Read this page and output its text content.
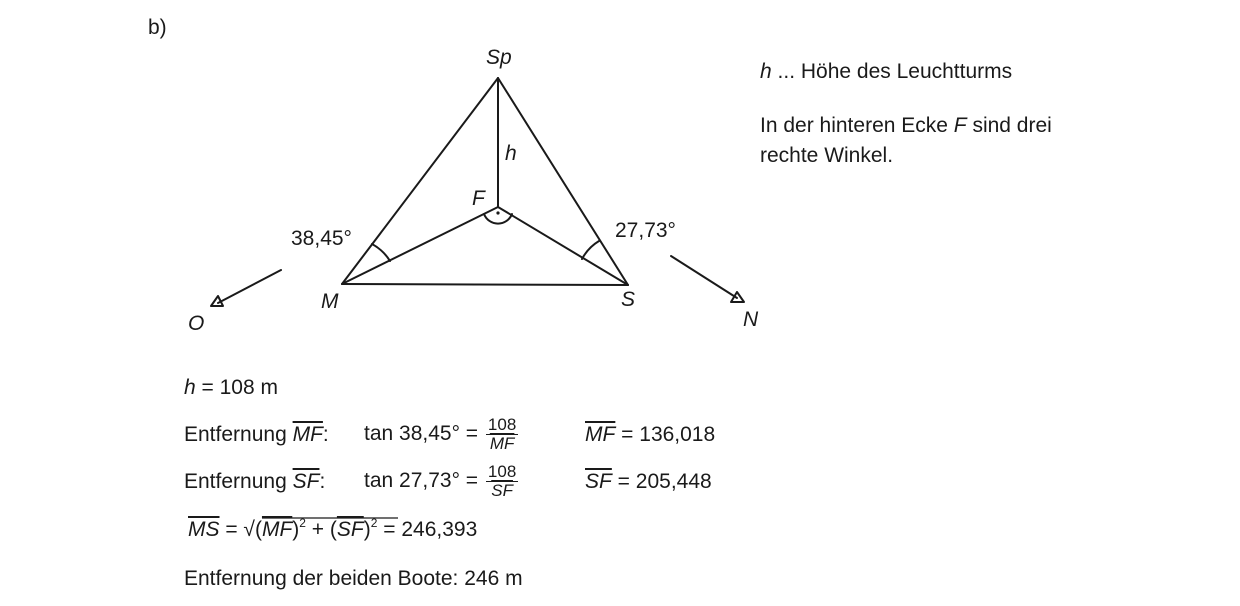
b)
Sp
h
F
M	S
38,45°	27,73°
O	N
h ... Höhe des Leuchtturms
In der hinteren Ecke F sind drei
rechte Winkel.
h = 108 m
Entfernung $\overline{MF}$: $\tan 38,45^\circ = \frac{108}{MF}$	$\overline{MF} = 136,018$
Entfernung $\overline{SF}$: $\tan 27,73^\circ = \frac{108}{SF}$	$\overline{SF} = 205,448$
$\overline{MS} = √(\overline{MF})^2 + (\overline{SF})^2 = 246,393$
Entfernung der beiden Boote: 246 m
